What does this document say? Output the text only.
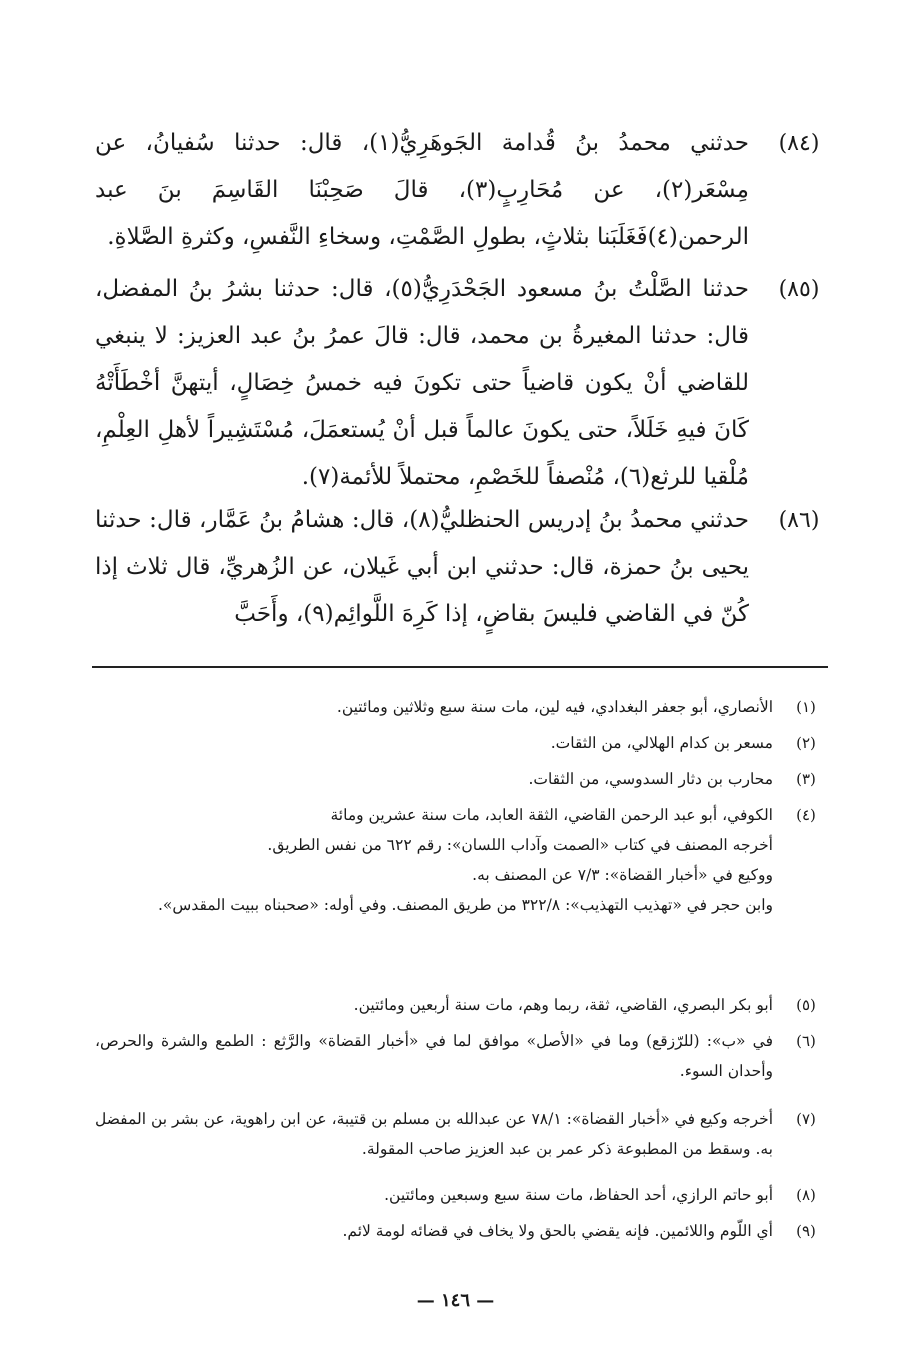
(٨٤)
حدثني محمدُ بنُ قُدامة الجَوهَرِيُّ(١)، قال: حدثنا سُفيانُ، عن مِسْعَر(٢)، عن مُحَارِبٍ(٣)، قالَ صَحِبْنَا القَاسِمَ بنَ عبد الرحمن(٤)فَغَلَبَنا بثلاثٍ، بطولِ الصَّمْتِ، وسخاءِ النَّفسِ، وكثرةِ الصَّلاةِ.
(٨٥)
حدثنا الصَّلْتُ بنُ مسعود الجَحْدَرِيُّ(٥)، قال: حدثنا بشرُ بنُ المفضل، قال: حدثنا المغيرةُ بن محمد، قال: قالَ عمرُ بنُ عبد العزيز: لا ينبغي للقاضي أنْ يكون قاضياً حتى تكونَ فيه خمسُ خِصَالٍ، أيتهنَّ أخْطَأَتْهُ كَانَ فيهِ خَلَلاً، حتى يكونَ عالماً قبل أنْ يُستعمَلَ، مُسْتَشِيراً لأهلِ العِلْمِ، مُلْقيا للرثع(٦)، مُنْصفاً للخَصْمِ، محتملاً للأئمة(٧).
(٨٦)
حدثني محمدُ بنُ إدريس الحنظليُّ(٨)، قال: هشامُ بنُ عَمَّار، قال: حدثنا يحيى بنُ حمزة، قال: حدثني ابن أبي غَيلان، عن الزُهريِّ، قال ثلاث إذا كُنّ في القاضي فليسَ بقاضٍ، إذا كَرِهَ اللَّوائِم(٩)، وأَحَبَّ
(١)
الأنصاري، أبو جعفر البغدادي، فيه لين، مات سنة سبع وثلاثين ومائتين.
(٢)
مسعر بن كدام الهلالي، من الثقات.
(٣)
محارب بن دثار السدوسي، من الثقات.
(٤)
الكوفي، أبو عبد الرحمن القاضي، الثقة العابد، مات سنة عشرين ومائة
أخرجه المصنف في كتاب «الصمت وآداب اللسان»: رقم ٦٢٢ من نفس الطريق.
ووكيع في «أخبار القضاة»: ٧/٣ عن المصنف به.
وابن حجر في «تهذيب التهذيب»: ٣٢٢/٨ من طريق المصنف. وفي أوله: «صحبناه ببيت المقدس».
(٥)
أبو بكر البصري، القاضي، ثقة، ربما وهم، مات سنة أربعين ومائتين.
(٦)
في «ب»: (للرّزقع) وما في «الأصل» موافق لما في «أخبار القضاة» والرَّثع : الطمع والشرة والحرص، وأحدان السوء.
(٧)
أخرجه وكيع في «أخبار القضاة»: ٧٨/١ عن عبدالله بن مسلم بن قتيبة، عن ابن راهوية، عن بشر بن المفضل به. وسقط من المطبوعة ذكر عمر بن عبد العزيز صاحب المقولة.
(٨)
أبو حاتم الرازي، أحد الحفاظ، مات سنة سبع وسبعين ومائتين.
(٩)
أي اللّوم واللائمين. فإنه يقضي بالحق ولا يخاف في قضائه لومة لائم.
— ١٤٦ —
